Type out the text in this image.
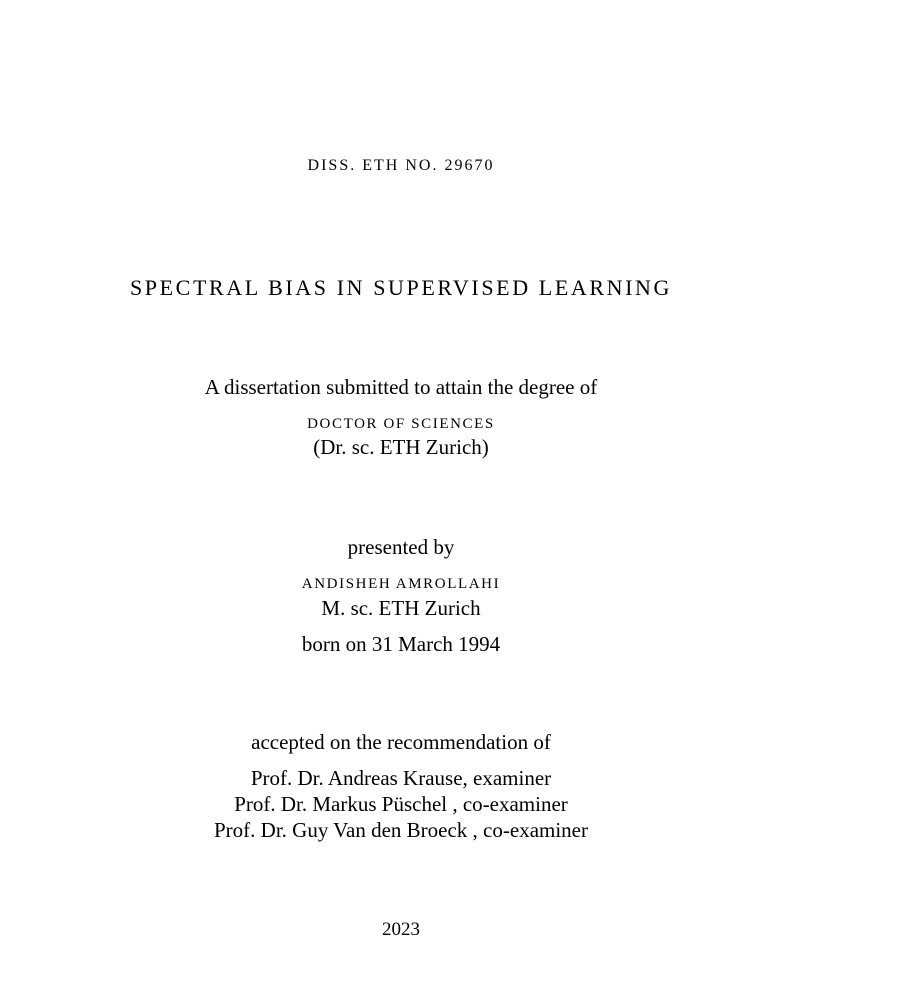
DISS. ETH NO. 29670
SPECTRAL BIAS IN SUPERVISED LEARNING
A dissertation submitted to attain the degree of
DOCTOR OF SCIENCES
(Dr. sc. ETH Zurich)
presented by
ANDISHEH AMROLLAHI
M. sc. ETH Zurich
born on 31 March 1994
accepted on the recommendation of
Prof. Dr. Andreas Krause, examiner
Prof. Dr. Markus Püschel , co-examiner
Prof. Dr. Guy Van den Broeck , co-examiner
2023
